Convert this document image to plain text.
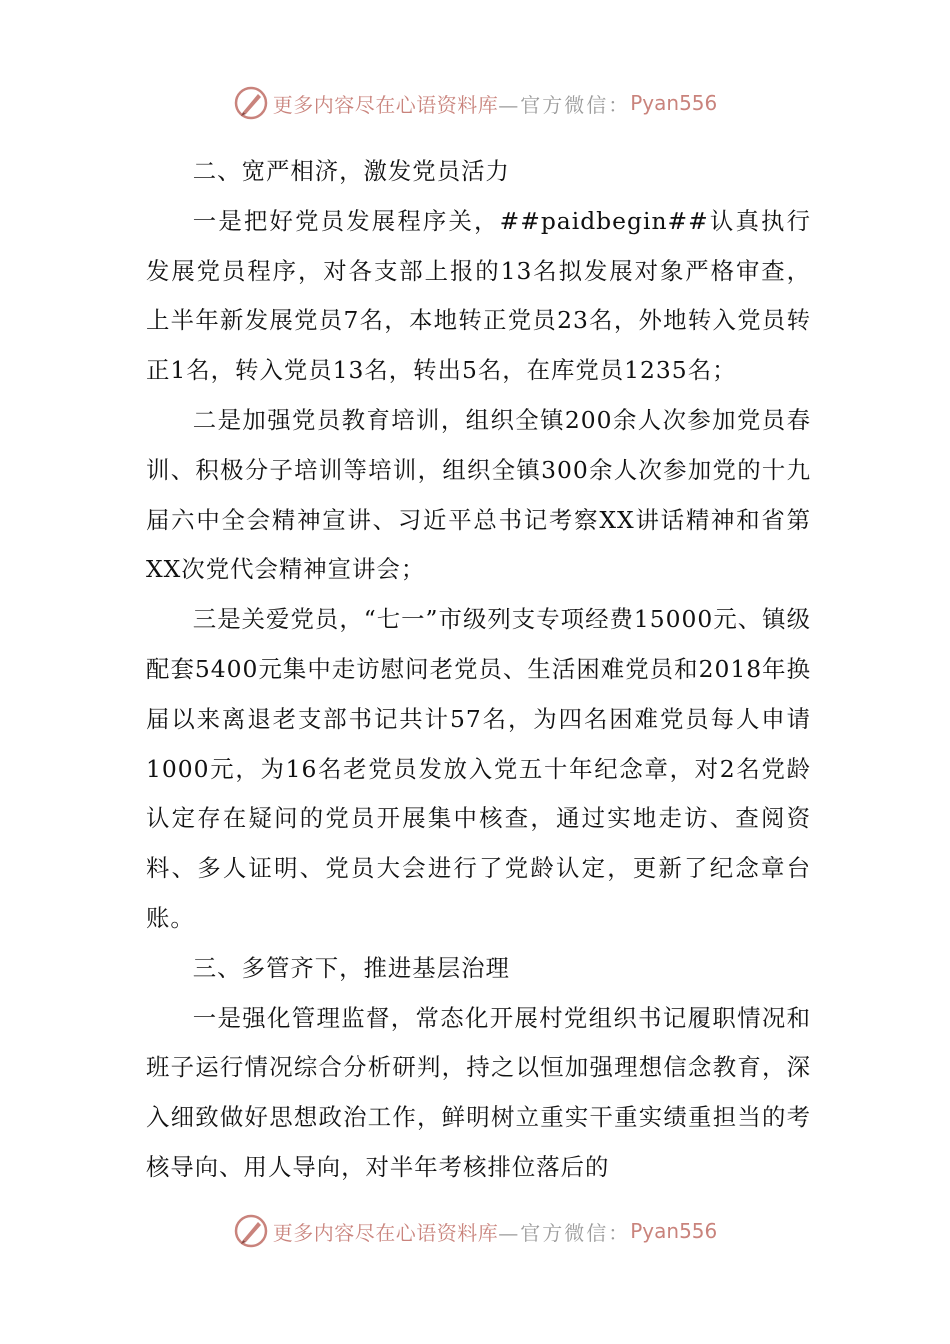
更多内容尽在心语资料库 —官方微信： Pyan556

二、宽严相济，激发党员活力

一是把好党员发展程序关，##paidbegin##认真执行发展党员程序，对各支部上报的13名拟发展对象严格审查，上半年新发展党员7名，本地转正党员23名，外地转入党员转正1名，转入党员13名，转出5名，在库党员1235名；

二是加强党员教育培训，组织全镇200余人次参加党员春训、积极分子培训等培训，组织全镇300余人次参加党的十九届六中全会精神宣讲、习近平总书记考察XX讲话精神和省第XX次党代会精神宣讲会；

三是关爱党员，“七一”市级列支专项经费15000元、镇级配套5400元集中走访慰问老党员、生活困难党员和2018年换届以来离退老支部书记共计57名，为四名困难党员每人申请1000元，为16名老党员发放入党五十年纪念章，对2名党龄认定存在疑问的党员开展集中核查，通过实地走访、查阅资料、多人证明、党员大会进行了党龄认定，更新了纪念章台账。

三、多管齐下，推进基层治理

一是强化管理监督，常态化开展村党组织书记履职情况和班子运行情况综合分析研判，持之以恒加强理想信念教育，深入细致做好思想政治工作，鲜明树立重实干重实绩重担当的考核导向、用人导向，对半年考核排位落后的

更多内容尽在心语资料库 —官方微信： Pyan556
